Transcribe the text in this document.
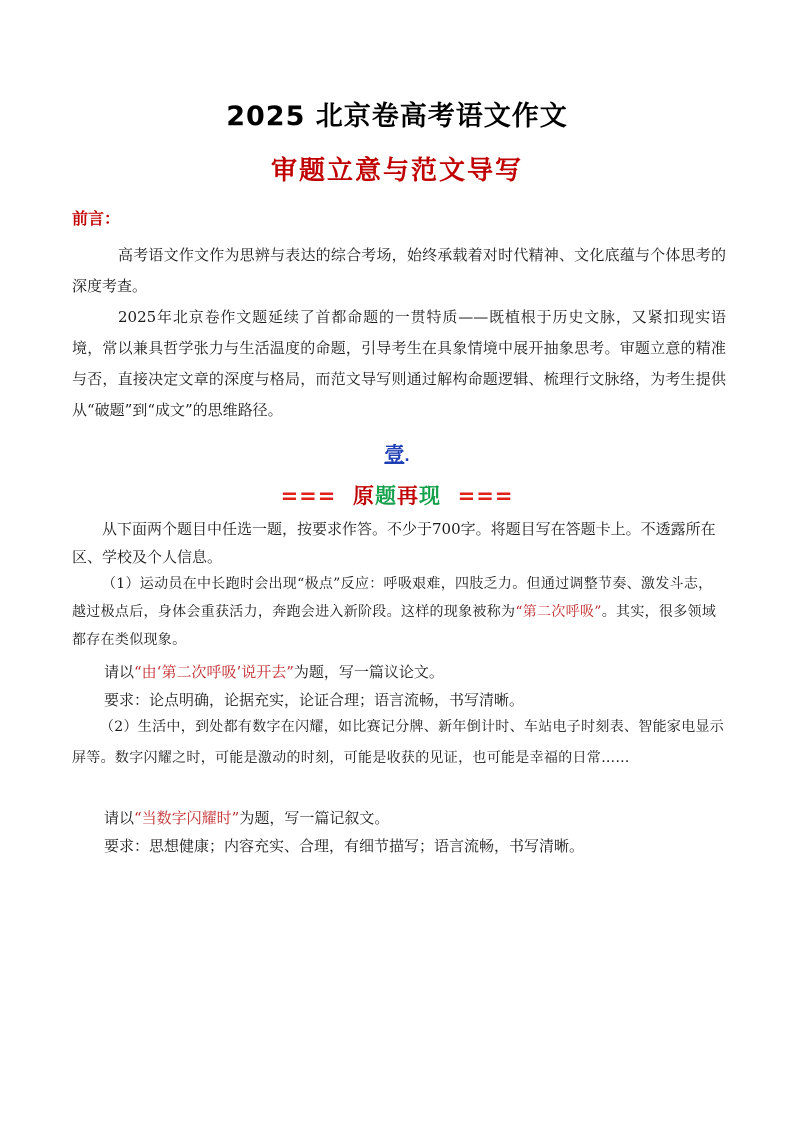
2025 北京卷高考语文作文
审题立意与范文导写
前言：
高考语文作文作为思辨与表达的综合考场，始终承载着对时代精神、文化底蕴与个体思考的深度考查。
2025年北京卷作文题延续了首都命题的一贯特质——既植根于历史文脉，又紧扣现实语境，常以兼具哲学张力与生活温度的命题，引导考生在具象情境中展开抽象思考。审题立意的精准与否，直接决定文章的深度与格局，而范文导写则通过解构命题逻辑、梳理行文脉络，为考生提供从“破题”到“成文”的思维路径。
壹.
=== 原题再现 ===
从下面两个题目中任选一题，按要求作答。不少于700字。将题目写在答题卡上。不透露所在区、学校及个人信息。
（1）运动员在中长跑时会出现“极点”反应：呼吸艰难，四肢乏力。但通过调整节奏、激发斗志，越过极点后，身体会重获活力，奔跑会进入新阶段。这样的现象被称为“第二次呼吸”。其实，很多领域都存在类似现象。
请以“由‘第二次呼吸’说开去”为题，写一篇议论文。
要求：论点明确，论据充实，论证合理；语言流畅，书写清晰。
（2）生活中，到处都有数字在闪耀，如比赛记分牌、新年倒计时、车站电子时刻表、智能家电显示屏等。数字闪耀之时，可能是激动的时刻，可能是收获的见证，也可能是幸福的日常……
请以“当数字闪耀时”为题，写一篇记叙文。
要求：思想健康；内容充实、合理，有细节描写；语言流畅，书写清晰。
